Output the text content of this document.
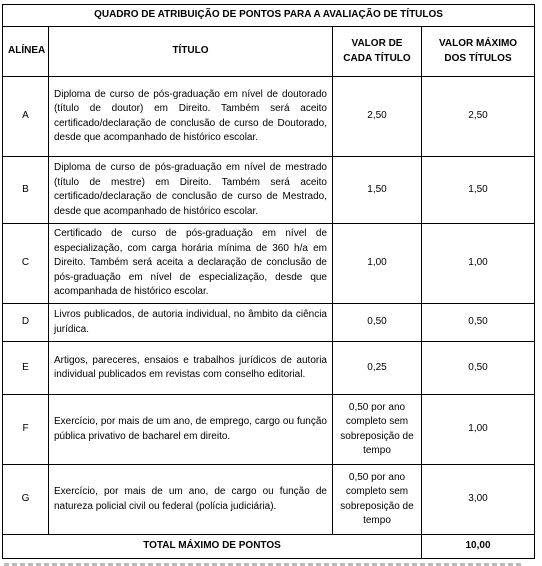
QUADRO DE ATRIBUIÇÃO DE PONTOS PARA A AVALIAÇÃO DE TÍTULOS			
ALÍNEA	TÍTULO	VALOR DE CADA TÍTULO	VALOR MÁXIMO DOS TÍTULOS
A	Diploma de curso de pós-graduação em nível de doutorado (título de doutor) em Direito. Também será aceito certificado/declaração de conclusão de curso de Doutorado, desde que acompanhado de histórico escolar.	2,50	2,50
B	Diploma de curso de pós-graduação em nível de mestrado (título de mestre) em Direito. Também será aceito certificado/declaração de conclusão de curso de Mestrado, desde que acompanhado de histórico escolar.	1,50	1,50
C	Certificado de curso de pós-graduação em nível de especialização, com carga horária mínima de 360 h/a em Direito. Também será aceita a declaração de conclusão de pós-graduação em nível de especialização, desde que acompanhada de histórico escolar.	1,00	1,00
D	Livros publicados, de autoria individual, no âmbito da ciência jurídica.	0,50	0,50
E	Artigos, pareceres, ensaios e trabalhos jurídicos de autoria individual publicados em revistas com conselho editorial.	0,25	0,50
F	Exercício, por mais de um ano, de emprego, cargo ou função pública privativo de bacharel em direito.	0,50 por ano completo sem sobreposição de tempo	1,00
G	Exercício, por mais de um ano, de cargo ou função de natureza policial civil ou federal (polícia judiciária).	0,50 por ano completo sem sobreposição de tempo	3,00
TOTAL MÁXIMO DE PONTOS			10,00
